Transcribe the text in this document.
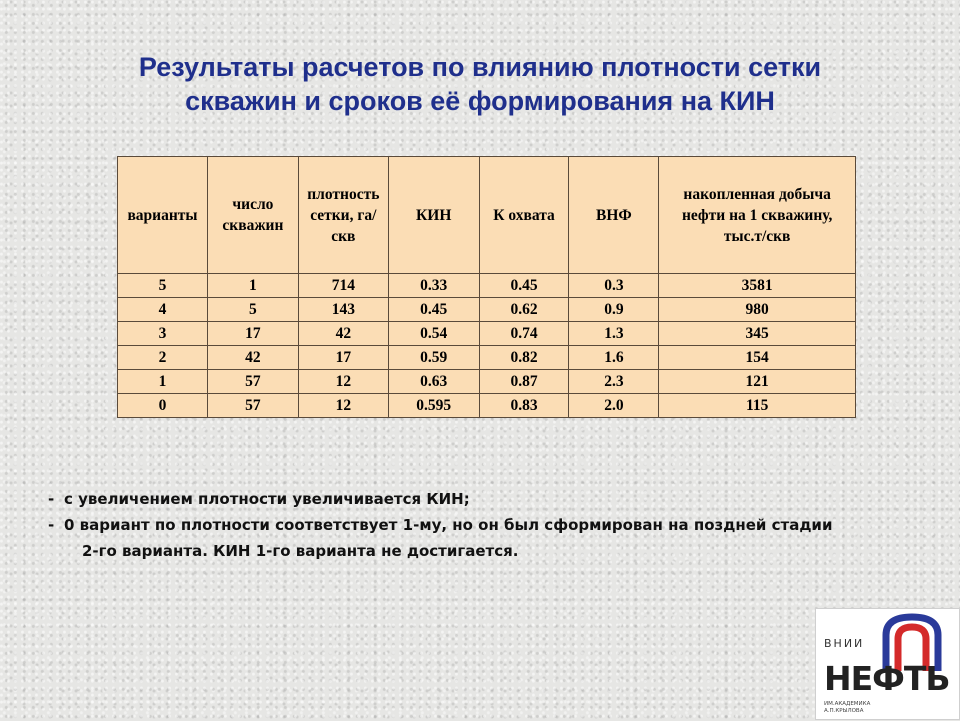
Результаты расчетов по влиянию плотности сетки
скважин и сроков её формирования на КИН
варианты	число скважин	плотность сетки, га/скв	КИН	К охвата	ВНФ	накопленная добыча нефти на 1 скважину, тыс.т/скв
5	1	714	0.33	0.45	0.3	3581
4	5	143	0.45	0.62	0.9	980
3	17	42	0.54	0.74	1.3	345
2	42	17	0.59	0.82	1.6	154
1	57	12	0.63	0.87	2.3	121
0	57	12	0.595	0.83	2.0	115
- с увеличением плотности увеличивается КИН;
- 0 вариант по плотности соответствует 1-му, но он был сформирован на поздней стадии
2-го варианта. КИН 1-го варианта не достигается.
ВНИИ
НЕФТЬ
ИМ.АКАДЕМИКА
А.П.КРЫЛОВА
